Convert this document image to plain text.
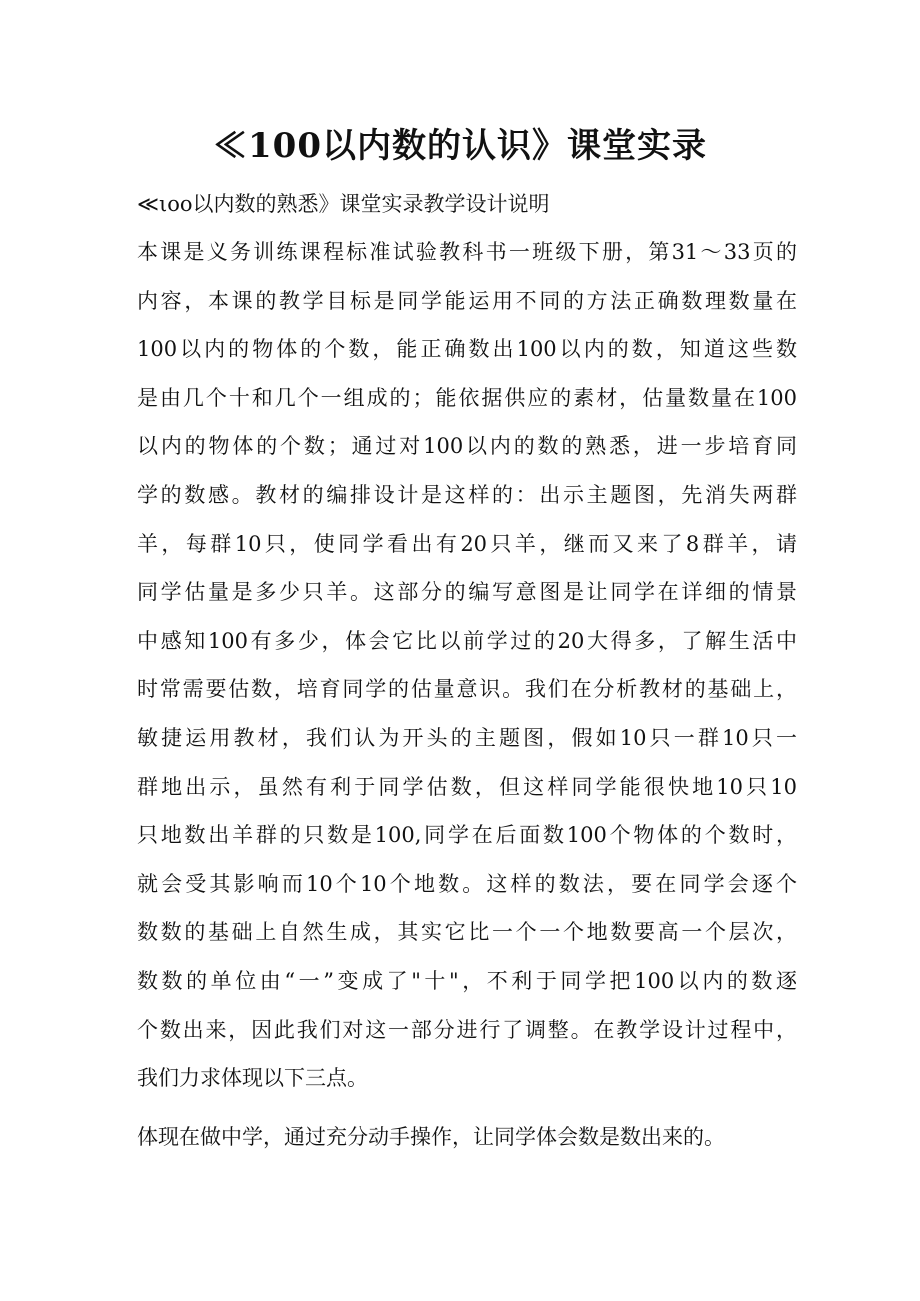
≪100以内数的认识》课堂实录
≪ιoo以内数的熟悉》课堂实录教学设计说明
本课是义务训练课程标准试验教科书一班级下册，第31～33页的
内容，本课的教学目标是同学能运用不同的方法正确数理数量在
100以内的物体的个数，能正确数出100以内的数，知道这些数
是由几个十和几个一组成的；能依据供应的素材，估量数量在100
以内的物体的个数；通过对100以内的数的熟悉，进一步培育同
学的数感。教材的编排设计是这样的：出示主题图，先消失两群
羊，每群10只，使同学看出有20只羊，继而又来了8群羊，请
同学估量是多少只羊。这部分的编写意图是让同学在详细的情景
中感知100有多少，体会它比以前学过的20大得多，了解生活中
时常需要估数，培育同学的估量意识。我们在分析教材的基础上，
敏捷运用教材，我们认为开头的主题图，假如10只一群10只一
群地出示，虽然有利于同学估数，但这样同学能很快地10只10
只地数出羊群的只数是100,同学在后面数100个物体的个数时，
就会受其影响而10个10个地数。这样的数法，要在同学会逐个
数数的基础上自然生成，其实它比一个一个地数要高一个层次，
数数的单位由“一”变成了"十"，不利于同学把100以内的数逐
个数出来，因此我们对这一部分进行了调整。在教学设计过程中，
我们力求体现以下三点。
体现在做中学，通过充分动手操作，让同学体会数是数出来的。
